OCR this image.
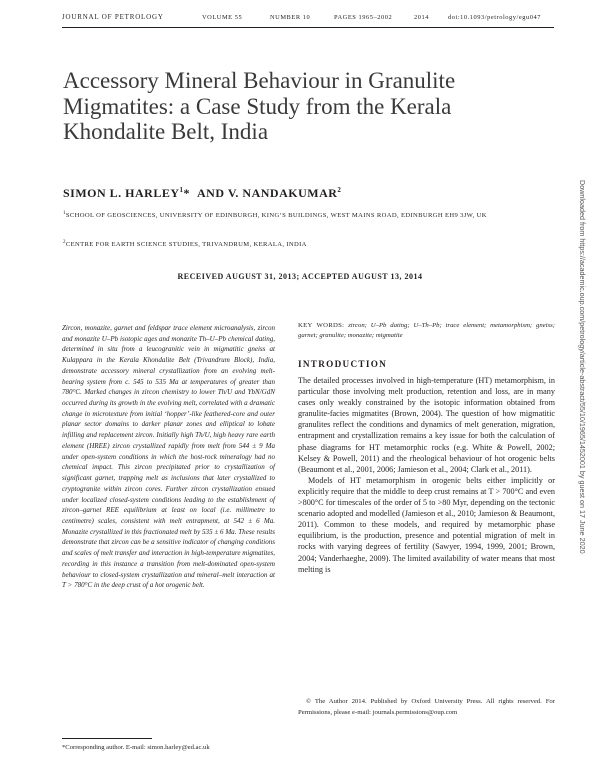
JOURNAL OF PETROLOGY	VOLUME 55	NUMBER 10	PAGES 1965–2002	2014	doi:10.1093/petrology/egu047
Accessory Mineral Behaviour in Granulite Migmatites: a Case Study from the Kerala Khondalite Belt, India
SIMON L. HARLEY$^1$* AND V. NANDAKUMAR$^2$
$^1$SCHOOL OF GEOSCIENCES, UNIVERSITY OF EDINBURGH, KING’S BUILDINGS, WEST MAINS ROAD, EDINBURGH EH9 3JW, UK
$^2$CENTRE FOR EARTH SCIENCE STUDIES, TRIVANDRUM, KERALA, INDIA
RECEIVED AUGUST 31, 2013; ACCEPTED AUGUST 13, 2014

Zircon, monazite, garnet and feldspar trace element microanalysis, zircon and monazite U–Pb isotopic ages and monazite Th–U–Pb chemical dating, determined in situ from a leucogranitic vein in migmatitic gneiss at Kulappara in the Kerala Khondalite Belt (Trivandrum Block), India, demonstrate accessory mineral crystallization from an evolving melt-bearing system from c. 545 to 535 Ma at temperatures of greater than 780°C. Marked changes in zircon chemistry to lower Th/U and YbN/GdN occurred during its growth in the evolving melt, correlated with a dramatic change in microtexture from initial ‘hopper’-like feathered-core and outer planar sector domains to darker planar zones and elliptical to lobate infilling and replacement zircon. Initially high Th/U, high heavy rare earth element (HREE) zircon crystallized rapidly from melt from 544 ± 9 Ma under open-system conditions in which the host-rock mineralogy had no chemical impact. This zircon precipitated prior to crystallization of significant garnet, trapping melt as inclusions that later crystallized to cryptogranite within zircon cores. Further zircon crystallization ensued under localized closed-system conditions leading to the establishment of zircon–garnet REE equilibrium at least on local (i.e. millimetre to centimetre) scales, consistent with melt entrapment, at 542 ± 6 Ma. Monazite crystallized in this fractionated melt by 535 ± 6 Ma. These results demonstrate that zircon can be a sensitive indicator of changing conditions and scales of melt transfer and interaction in high-temperature migmatites, recording in this instance a transition from melt-dominated open-system behaviour to closed-system crystallization and mineral–melt interaction at T > 780°C in the deep crust of a hot orogenic belt.

KEY WORDS: zircon; U–Pb dating; U–Th–Pb; trace element; metamorphism; gneiss; garnet; granulite; monazite; migmatite

INTRODUCTION

The detailed processes involved in high-temperature (HT) metamorphism, in particular those involving melt production, retention and loss, are in many cases only weakly constrained by the isotopic information obtained from granulite-facies migmatites (Brown, 2004). The question of how migmatitic granulites reflect the conditions and dynamics of melt generation, migration, entrapment and crystallization remains a key issue for both the calculation of phase diagrams for HT metamorphic rocks (e.g. White & Powell, 2002; Kelsey & Powell, 2011) and the rheological behaviour of hot orogenic belts (Beaumont et al., 2001, 2006; Jamieson et al., 2004; Clark et al., 2011).

Models of HT metamorphism in orogenic belts either implicitly or explicitly require that the middle to deep crust remains at T > 700°C and even >800°C for timescales of the order of 5 to >80 Myr, depending on the tectonic scenario adopted and modelled (Jamieson et al., 2010; Jamieson & Beaumont, 2011). Common to these models, and required by metamorphic phase equilibrium, is the production, presence and potential migration of melt in rocks with varying degrees of fertility (Sawyer, 1994, 1999, 2001; Brown, 2004; Vanderhaeghe, 2009). The limited availability of water means that most melting is

© The Author 2014. Published by Oxford University Press. All rights reserved. For Permissions, please e-mail: journals.permissions@oup.com

*Corresponding author. E-mail: simon.harley@ed.ac.uk
Downloaded from https://academic.oup.com/petrology/article-abstract/55/10/1965/1452001 by guest on 17 June 2020
